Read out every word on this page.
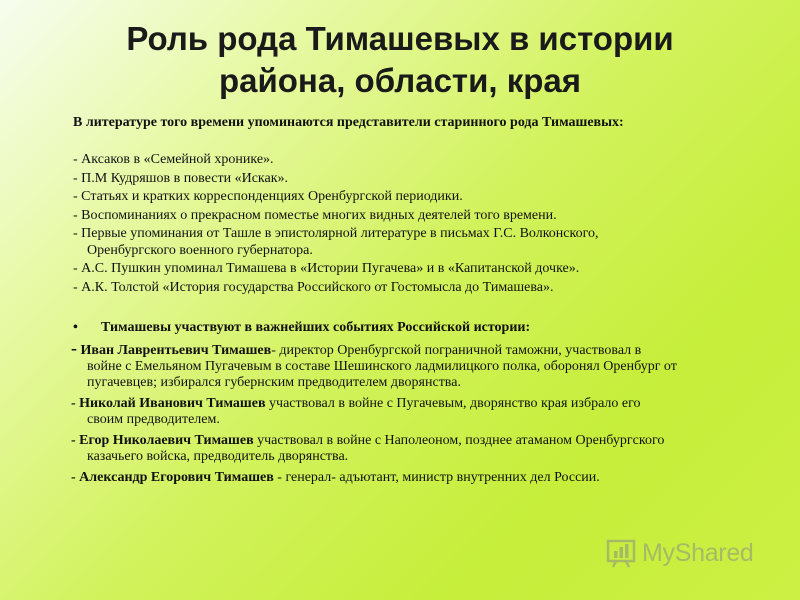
Роль рода Тимашевых в истории
района, области, края
В литературе того времени упоминаются представители старинного рода Тимашевых:
- Аксаков в «Семейной хронике».
- П.М Кудряшов в повести «Искак».
- Статьях и кратких корреспонденциях Оренбургской периодики.
- Воспоминаниях о прекрасном поместье многих видных деятелей того времени.
- Первые упоминания от Ташле в эпистолярной литературе в письмах Г.С. Волконского,
Оренбургского военного губернатора.
- А.С. Пушкин упоминал Тимашева в «Истории Пугачева» и в «Капитанской дочке».
- А.К. Толстой «История государства Российского от Гостомысла до Тимашева».
• Тимашевы участвуют в важнейших событиях Российской истории:
- Иван Лаврентьевич Тимашев- директор Оренбургской пограничной таможни, участвовал в
войне с Емельяном Пугачевым в составе Шешинского ладмилицкого полка, оборонял Оренбург от пугачевцев; избирался губернским предводителем дворянства.
- Николай Иванович Тимашев участвовал в войне с Пугачевым, дворянство края избрало его
своим предводителем.
- Егор Николаевич Тимашев участвовал в войне с Наполеоном, позднее атаманом Оренбургского
казачьего войска, предводитель дворянства.
- Александр Егорович Тимашев - генерал- адъютант, министр внутренних дел России.
MyShared
